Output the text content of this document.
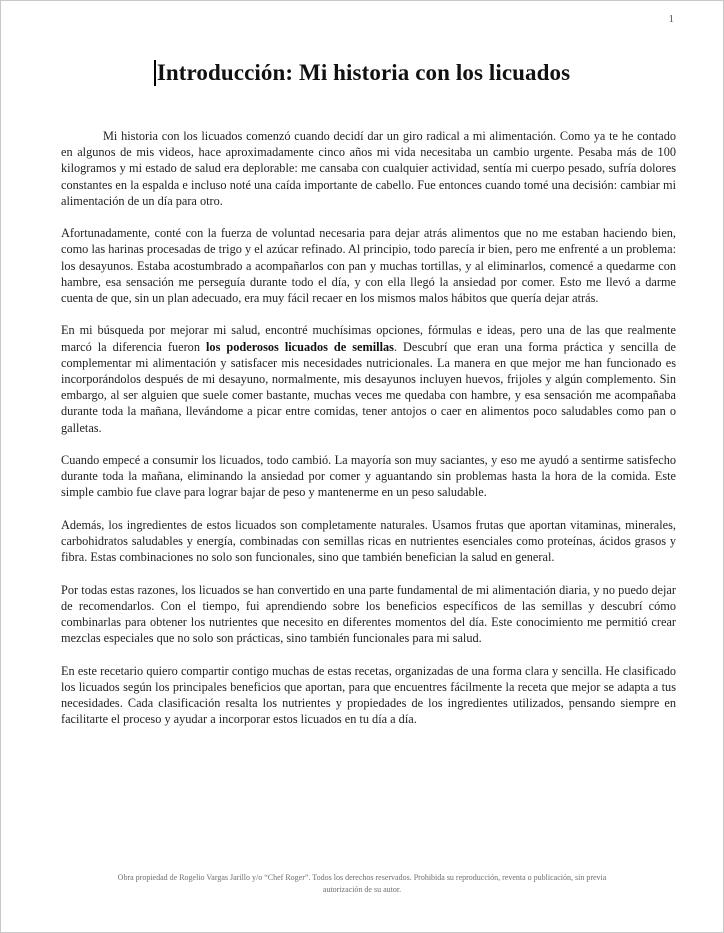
1
Introducción: Mi historia con los licuados

Mi historia con los licuados comenzó cuando decidí dar un giro radical a mi alimentación. Como ya te he contado en algunos de mis videos, hace aproximadamente cinco años mi vida necesitaba un cambio urgente. Pesaba más de 100 kilogramos y mi estado de salud era deplorable: me cansaba con cualquier actividad, sentía mi cuerpo pesado, sufría dolores constantes en la espalda e incluso noté una caída importante de cabello. Fue entonces cuando tomé una decisión: cambiar mi alimentación de un día para otro.

Afortunadamente, conté con la fuerza de voluntad necesaria para dejar atrás alimentos que no me estaban haciendo bien, como las harinas procesadas de trigo y el azúcar refinado. Al principio, todo parecía ir bien, pero me enfrenté a un problema: los desayunos. Estaba acostumbrado a acompañarlos con pan y muchas tortillas, y al eliminarlos, comencé a quedarme con hambre, esa sensación me perseguía durante todo el día, y con ella llegó la ansiedad por comer. Esto me llevó a darme cuenta de que, sin un plan adecuado, era muy fácil recaer en los mismos malos hábitos que quería dejar atrás.

En mi búsqueda por mejorar mi salud, encontré muchísimas opciones, fórmulas e ideas, pero una de las que realmente marcó la diferencia fueron los poderosos licuados de semillas. Descubrí que eran una forma práctica y sencilla de complementar mi alimentación y satisfacer mis necesidades nutricionales. La manera en que mejor me han funcionado es incorporándolos después de mi desayuno, normalmente, mis desayunos incluyen huevos, frijoles y algún complemento. Sin embargo, al ser alguien que suele comer bastante, muchas veces me quedaba con hambre, y esa sensación me acompañaba durante toda la mañana, llevándome a picar entre comidas, tener antojos o caer en alimentos poco saludables como pan o galletas.

Cuando empecé a consumir los licuados, todo cambió. La mayoría son muy saciantes, y eso me ayudó a sentirme satisfecho durante toda la mañana, eliminando la ansiedad por comer y aguantando sin problemas hasta la hora de la comida. Este simple cambio fue clave para lograr bajar de peso y mantenerme en un peso saludable.

Además, los ingredientes de estos licuados son completamente naturales. Usamos frutas que aportan vitaminas, minerales, carbohidratos saludables y energía, combinadas con semillas ricas en nutrientes esenciales como proteínas, ácidos grasos y fibra. Estas combinaciones no solo son funcionales, sino que también benefician la salud en general.

Por todas estas razones, los licuados se han convertido en una parte fundamental de mi alimentación diaria, y no puedo dejar de recomendarlos. Con el tiempo, fui aprendiendo sobre los beneficios específicos de las semillas y descubrí cómo combinarlas para obtener los nutrientes que necesito en diferentes momentos del día. Este conocimiento me permitió crear mezclas especiales que no solo son prácticas, sino también funcionales para mi salud.

En este recetario quiero compartir contigo muchas de estas recetas, organizadas de una forma clara y sencilla. He clasificado los licuados según los principales beneficios que aportan, para que encuentres fácilmente la receta que mejor se adapta a tus necesidades. Cada clasificación resalta los nutrientes y propiedades de los ingredientes utilizados, pensando siempre en facilitarte el proceso y ayudar a incorporar estos licuados en tu día a día.

Obra propiedad de Rogelio Vargas Jarillo y/o “Chef Roger”. Todos los derechos reservados. Prohibida su reproducción, reventa o publicación, sin previa
autorización de su autor.
